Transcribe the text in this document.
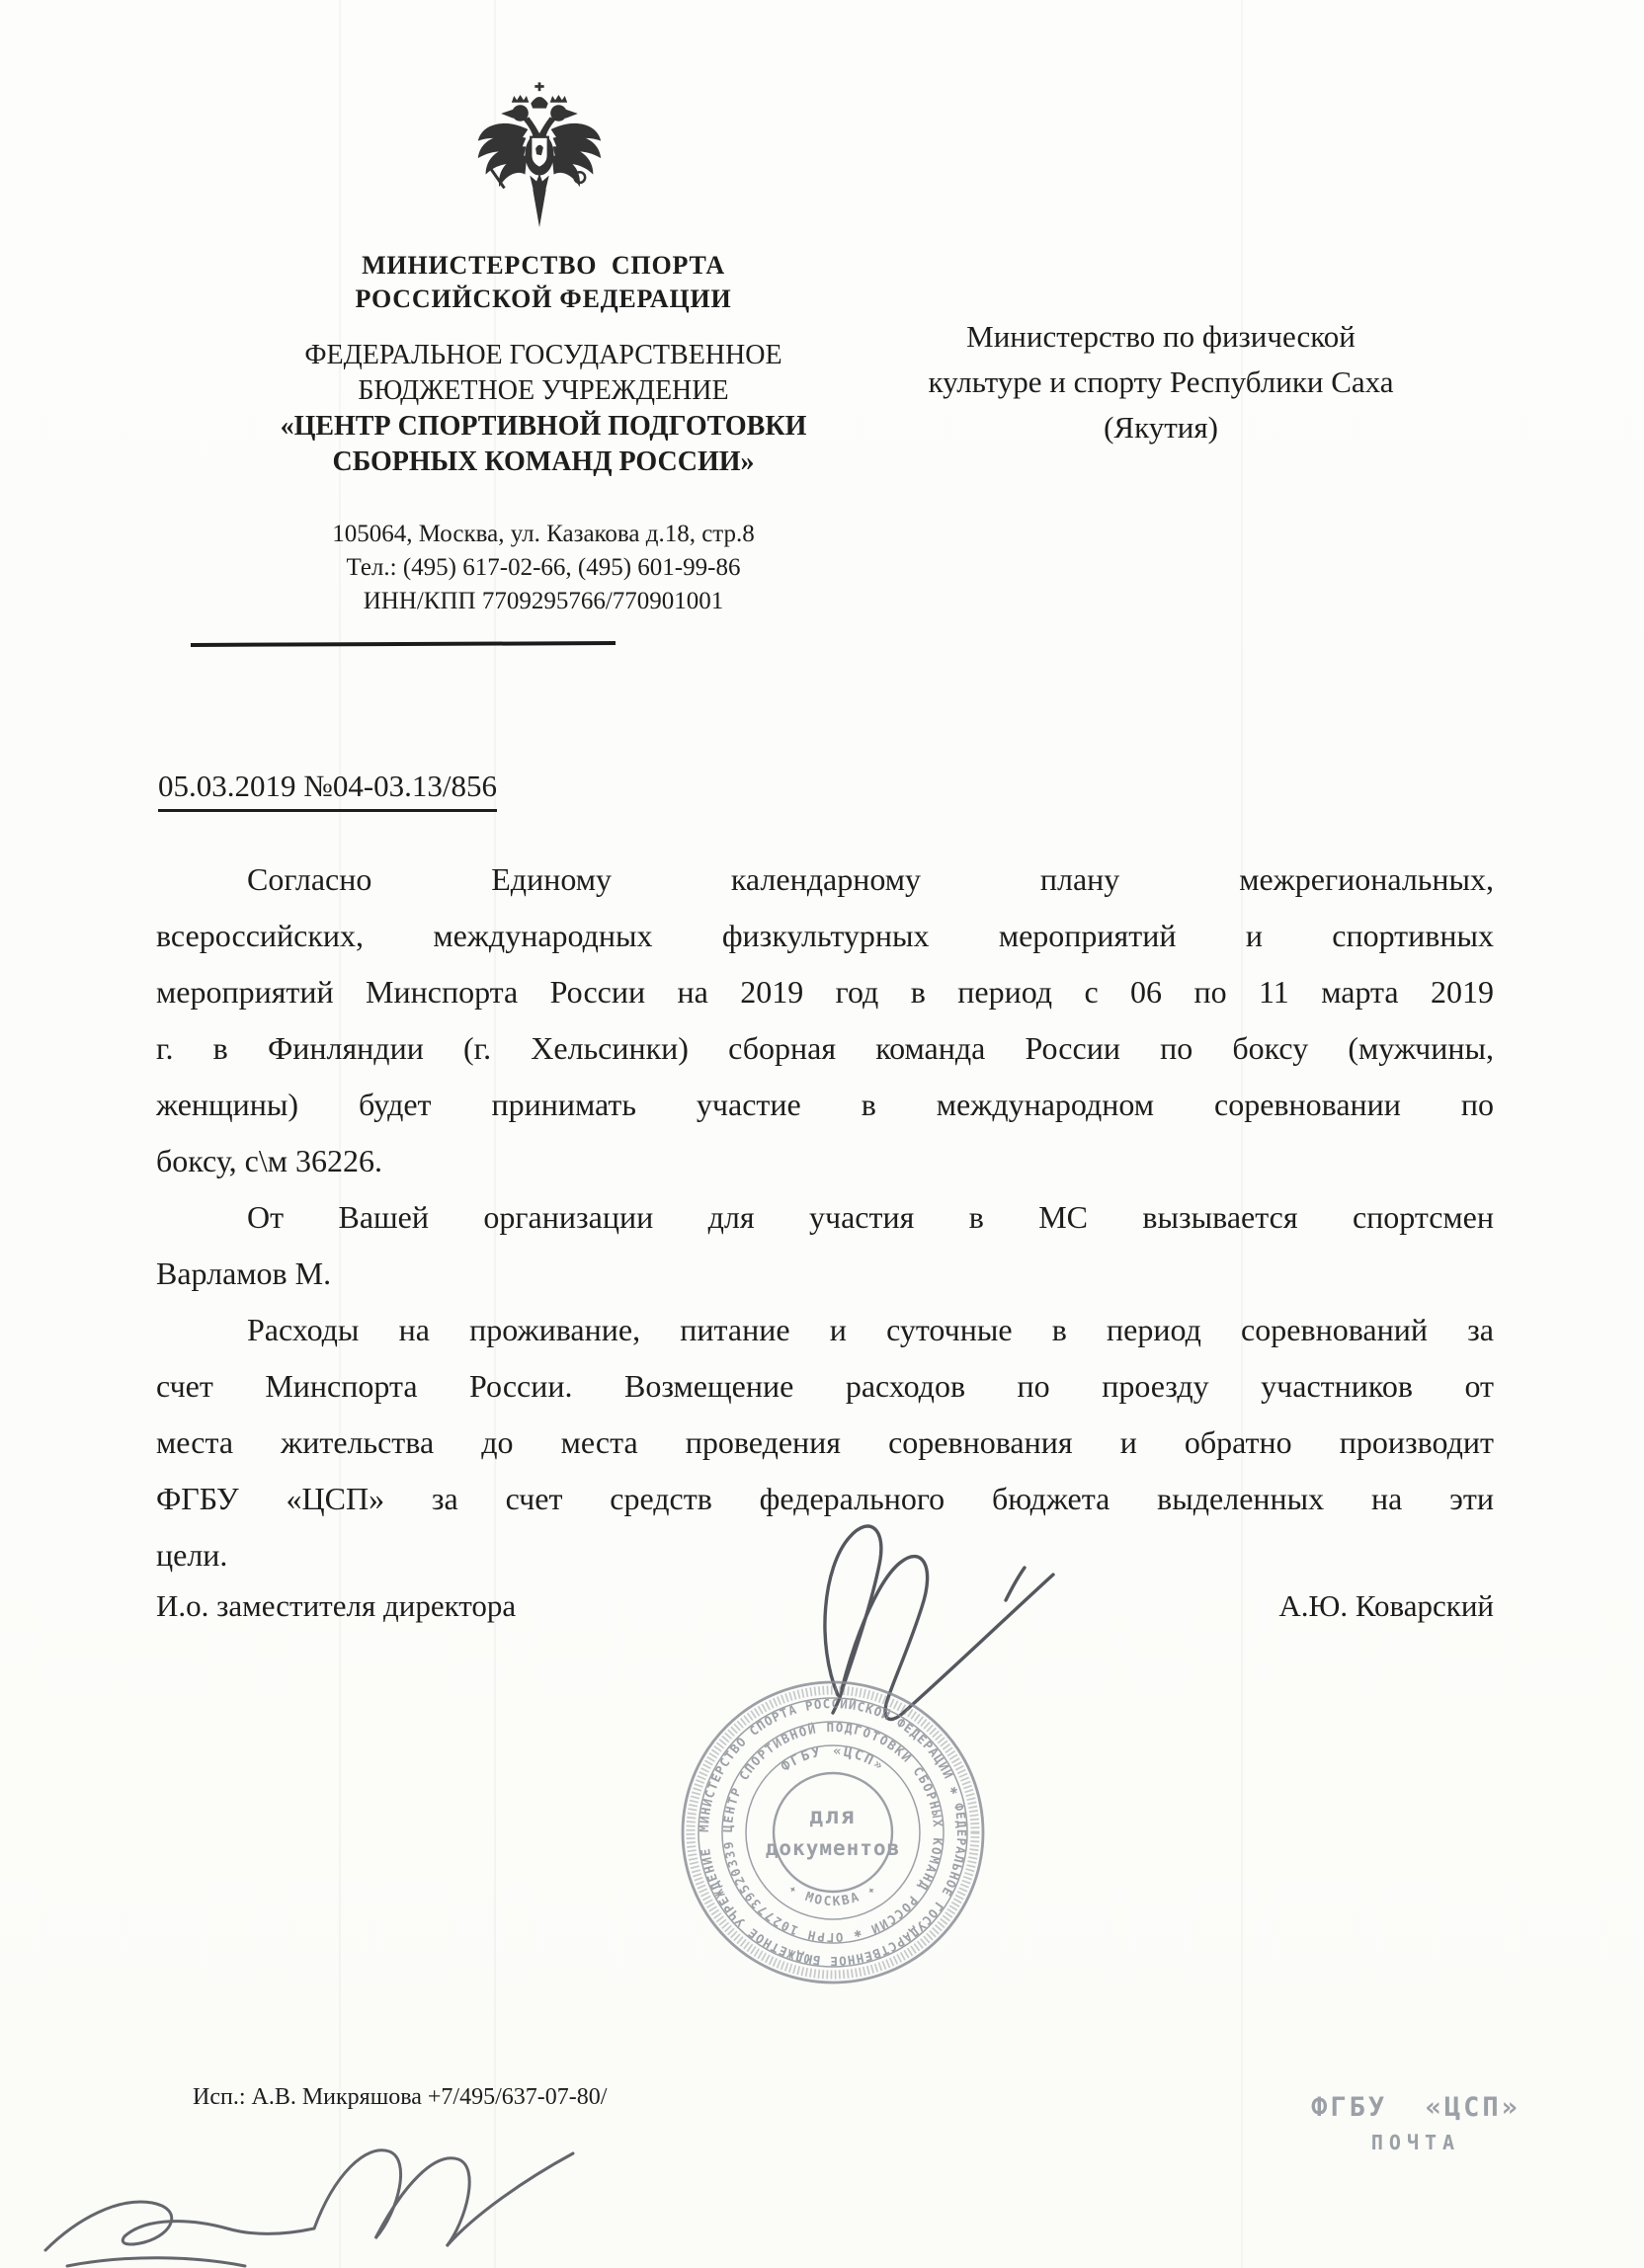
МИНИСТЕРСТВО  СПОРТА
РОССИЙСКОЙ ФЕДЕРАЦИИ
ФЕДЕРАЛЬНОЕ ГОСУДАРСТВЕННОЕ
БЮДЖЕТНОЕ УЧРЕЖДЕНИЕ
«ЦЕНТР СПОРТИВНОЙ ПОДГОТОВКИ
СБОРНЫХ КОМАНД РОССИИ»
105064, Москва, ул. Казакова д.18, стр.8
Тел.: (495) 617-02-66, (495) 601-99-86
ИНН/КПП 7709295766/770901001
Министерство по физической
культуре и спорту Республики Саха
(Якутия)
05.03.2019 №04-03.13/856
Согласно Единому календарному плану межрегиональных,
всероссийских, международных физкультурных мероприятий и спортивных
мероприятий Минспорта России на 2019 год в период с 06 по 11 марта 2019
г. в Финляндии (г. Хельсинки) сборная команда России по боксу (мужчины,
женщины) будет принимать участие в международном соревновании по
боксу, с\м 36226.
От Вашей организации для участия в МС вызывается спортсмен
Варламов М.
Расходы на проживание, питание и суточные в период соревнований за
счет Минспорта России. Возмещение расходов по проезду участников от
места жительства до места проведения соревнования и обратно производит
ФГБУ «ЦСП» за счет средств федерального бюджета выделенных на эти
цели.
И.о. заместителя директора	А.Ю. Коварский
МИНИСТЕРСТВО СПОРТА РОССИЙСКОЙ ФЕДЕРАЦИИ ✱ ФЕДЕРАЛЬНОЕ ГОСУДАРСТВЕННОЕ БЮДЖЕТНОЕ УЧРЕЖДЕНИЕ
ЦЕНТР СПОРТИВНОЙ ПОДГОТОВКИ СБОРНЫХ КОМАНД РОССИИ ✱ ОГРН 1027739520339
ФГБУ «ЦСП»
✦ МОСКВА ✦
для
документов
Исп.: А.В. Микряшова +7/495/637-07-80/	ФГБУ  «ЦСП»
ПОЧТА
